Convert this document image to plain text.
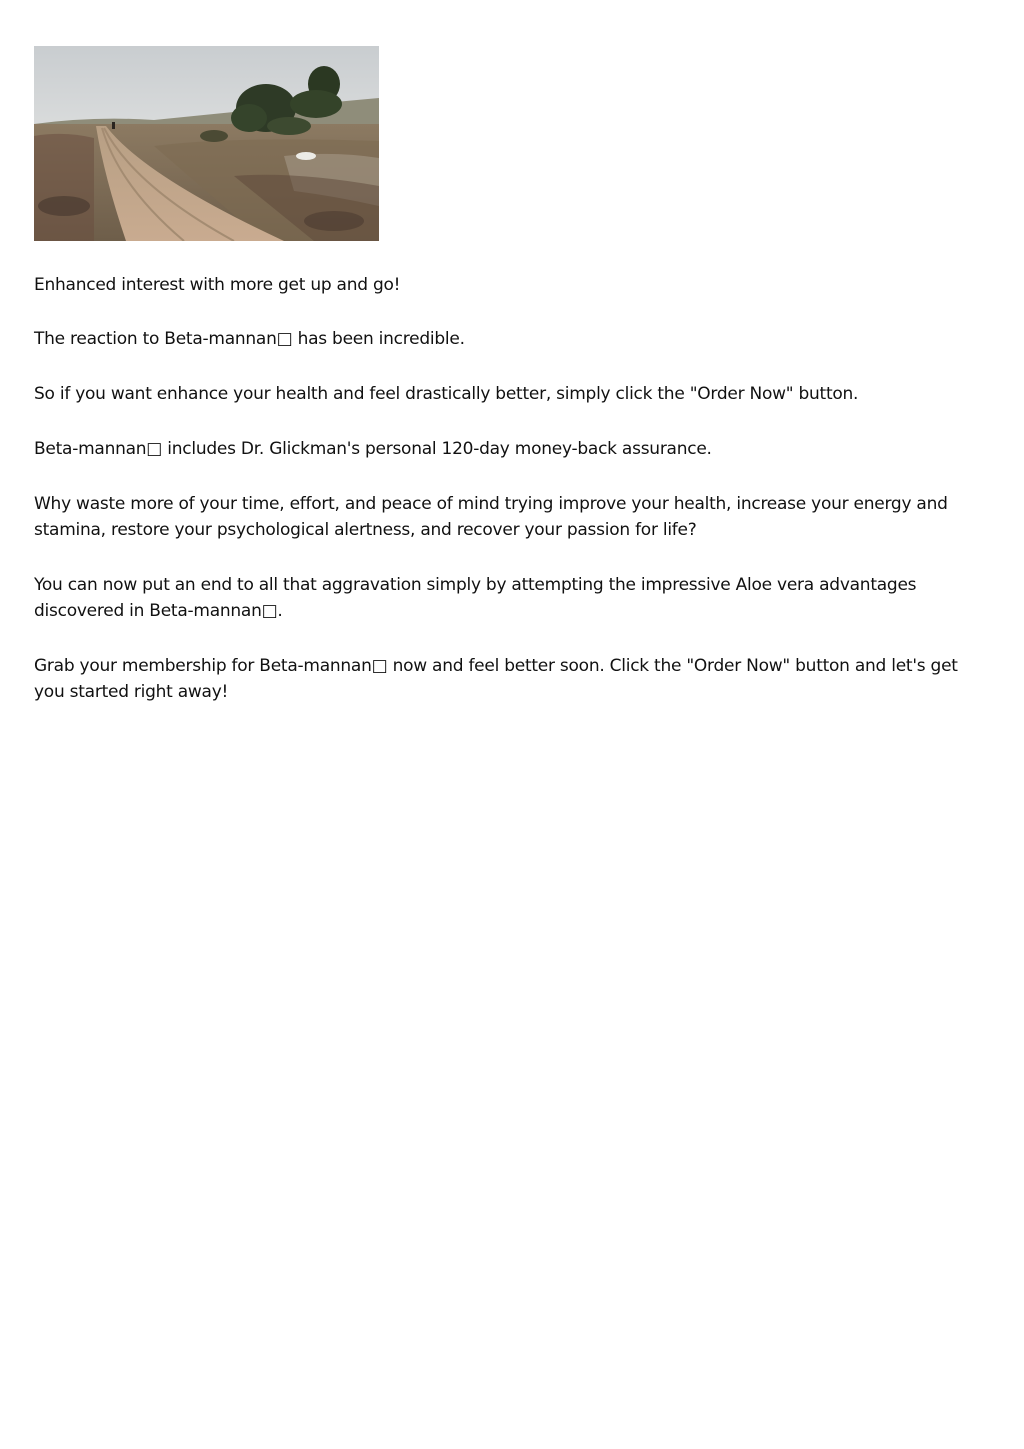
Enhanced interest with more get up and go!

The reaction to Beta-mannan□ has been incredible.

So if you want enhance your health and feel drastically better, simply click the "Order Now" button.

Beta-mannan□ includes Dr. Glickman's personal 120-day money-back assurance.

Why waste more of your time, effort, and peace of mind trying improve your health, increase your energy and stamina, restore your psychological alertness, and recover your passion for life?

You can now put an end to all that aggravation simply by attempting the impressive Aloe vera advantages discovered in Beta-mannan□.

Grab your membership for Beta-mannan□ now and feel better soon. Click the "Order Now" button and let's get you started right away!
